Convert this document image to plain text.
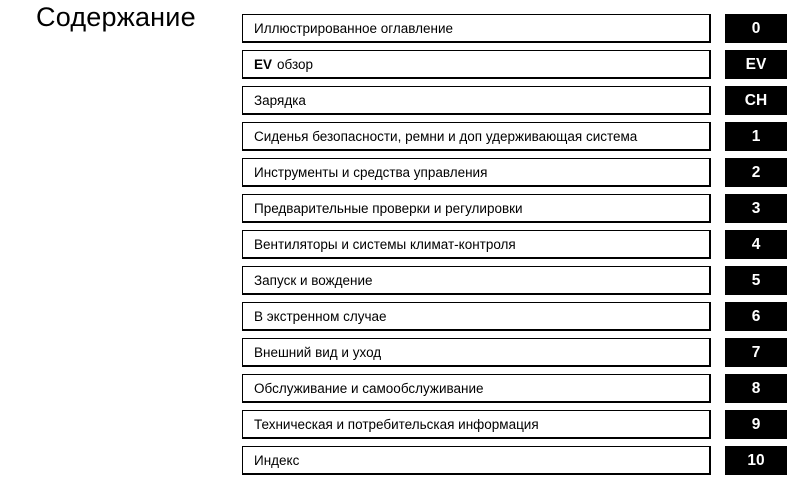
Содержание	Иллюстрированное оглавление	0
EV обзор	EV
Зарядка	CH
Сиденья безопасности, ремни и доп удерживающая система	1
Инструменты и средства управления	2
Предварительные проверки и регулировки	3
Вентиляторы и системы климат-контроля	4
Запуск и вождение	5
В экстренном случае	6
Внешний вид и уход	7
Обслуживание и самообслуживание	8
Техническая и потребительская информация	9
Индекс	10
